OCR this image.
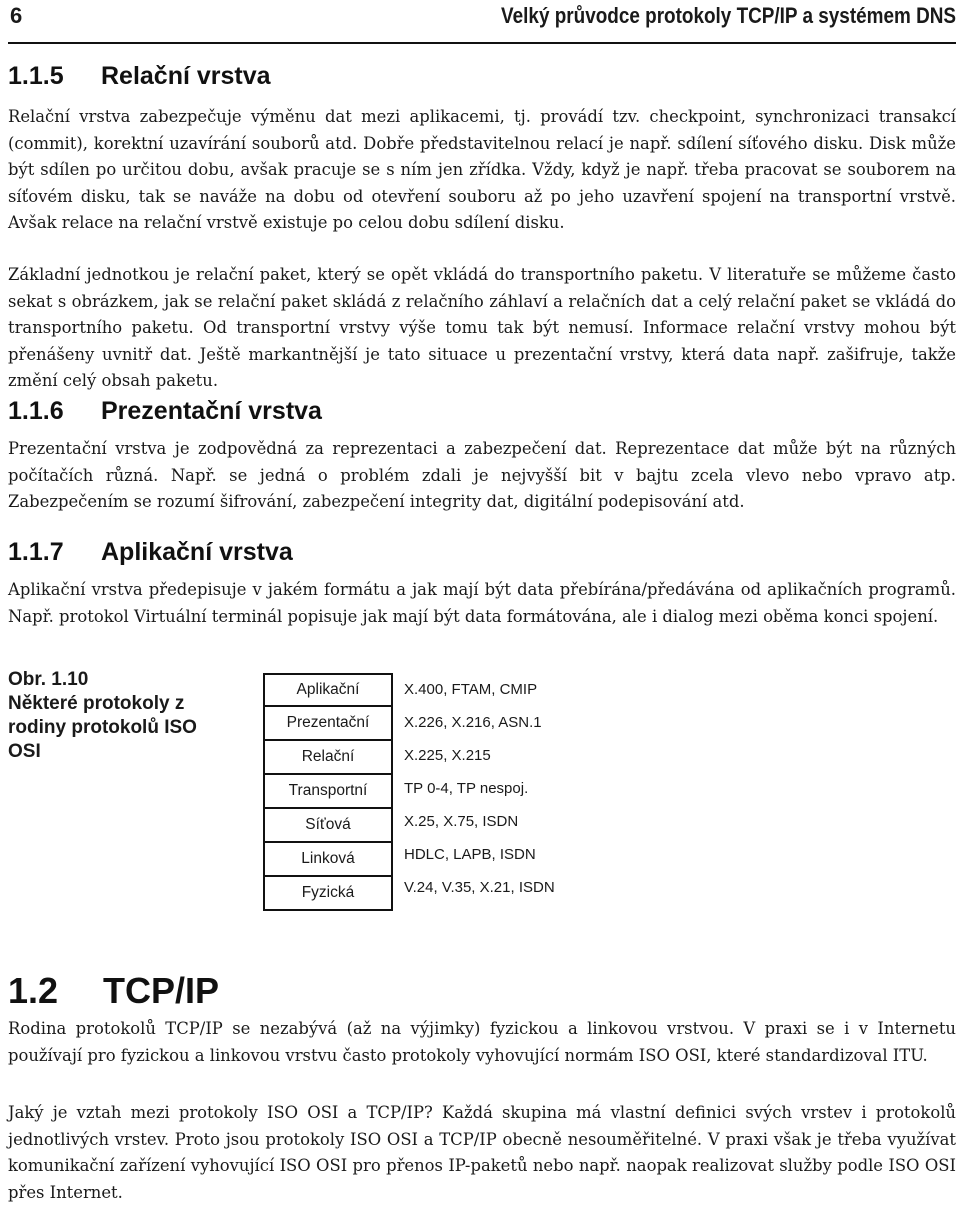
6	Velký průvodce protokoly TCP/IP a systémem DNS
1.1.5 Relační vrstva

Relační vrstva zabezpečuje výměnu dat mezi aplikacemi, tj. provádí tzv. checkpoint, synchronizaci transakcí (commit), korektní uzavírání souborů atd. Dobře představitelnou relací je např. sdílení síťového disku. Disk může být sdílen po určitou dobu, avšak pracuje se s ním jen zřídka. Vždy, když je např. třeba pracovat se souborem na síťovém disku, tak se naváže na dobu od otevření souboru až po jeho uzavření spojení na transportní vrstvě. Avšak relace na relační vrstvě existuje po celou dobu sdílení disku.

Základní jednotkou je relační paket, který se opět vkládá do transportního paketu. V literatuře se můžeme často sekat s obrázkem, jak se relační paket skládá z relačního záhlaví a relačních dat a celý relační paket se vkládá do transportního paketu. Od transportní vrstvy výše tomu tak být nemusí. Informace relační vrstvy mohou být přenášeny uvnitř dat. Ještě markantnější je tato situace u prezentační vrstvy, která data např. zašifruje, takže změní celý obsah paketu.

1.1.6 Prezentační vrstva

Prezentační vrstva je zodpovědná za reprezentaci a zabezpečení dat. Reprezentace dat může být na různých počítačích různá. Např. se jedná o problém zdali je nejvyšší bit v bajtu zcela vlevo nebo vpravo atp. Zabezpečením se rozumí šifrování, zabezpečení integrity dat, digitální podepisování atd.

1.1.7 Aplikační vrstva

Aplikační vrstva předepisuje v jakém formátu a jak mají být data přebírána/předávána od aplikačních programů. Např. protokol Virtuální terminál popisuje jak mají být data formátována, ale i dialog mezi oběma konci spojení.

Obr. 1.10
Některé protokoly z rodiny protokolů ISO OSI
Aplikační
Prezentační
Relační
Transportní
Síťová
Linková
Fyzická
X.400, FTAM, CMIP
X.226, X.216, ASN.1
X.225, X.215
TP 0-4, TP nespoj.
X.25, X.75, ISDN
HDLC, LAPB, ISDN
V.24, V.35, X.21, ISDN
1.2 TCP/IP

Rodina protokolů TCP/IP se nezabývá (až na výjimky) fyzickou a linkovou vrstvou. V praxi se i v Internetu používají pro fyzickou a linkovou vrstvu často protokoly vyhovující normám ISO OSI, které standardizoval ITU.

Jaký je vztah mezi protokoly ISO OSI a TCP/IP? Každá skupina má vlastní definici svých vrstev i protokolů jednotlivých vrstev. Proto jsou protokoly ISO OSI a TCP/IP obecně nesouměřitelné. V praxi však je třeba využívat komunikační zařízení vyhovující ISO OSI pro přenos IP-paketů nebo např. naopak realizovat služby podle ISO OSI přes Internet.
